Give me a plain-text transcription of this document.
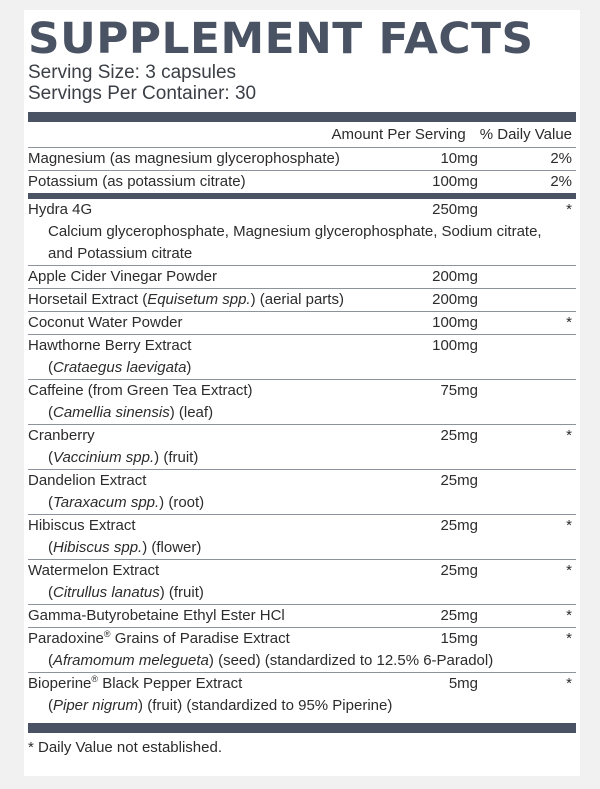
SUPPLEMENT FACTS
Serving Size: 3 capsules
Servings Per Container: 30
Amount Per Serving % Daily Value
Magnesium (as magnesium glycerophosphate)	10mg	2%
Potassium (as potassium citrate)	100mg	2%
Hydra 4G	250mg	*
Calcium glycerophosphate, Magnesium glycerophosphate, Sodium citrate, and Potassium citrate
Apple Cider Vinegar Powder	200mg
Horsetail Extract (Equisetum spp.) (aerial parts)	200mg
Coconut Water Powder	100mg	*
Hawthorne Berry Extract	100mg
(Crataegus laevigata)
Caffeine (from Green Tea Extract)	75mg
(Camellia sinensis) (leaf)
Cranberry	25mg	*
(Vaccinium spp.) (fruit)
Dandelion Extract	25mg
(Taraxacum spp.) (root)
Hibiscus Extract	25mg	*
(Hibiscus spp.) (flower)
Watermelon Extract	25mg	*
(Citrullus lanatus) (fruit)
Gamma-Butyrobetaine Ethyl Ester HCl	25mg	*
Paradoxine® Grains of Paradise Extract	15mg	*
(Aframomum melegueta) (seed) (standardized to 12.5% 6-Paradol)
Bioperine® Black Pepper Extract	5mg	*
(Piper nigrum) (fruit) (standardized to 95% Piperine)
* Daily Value not established.
